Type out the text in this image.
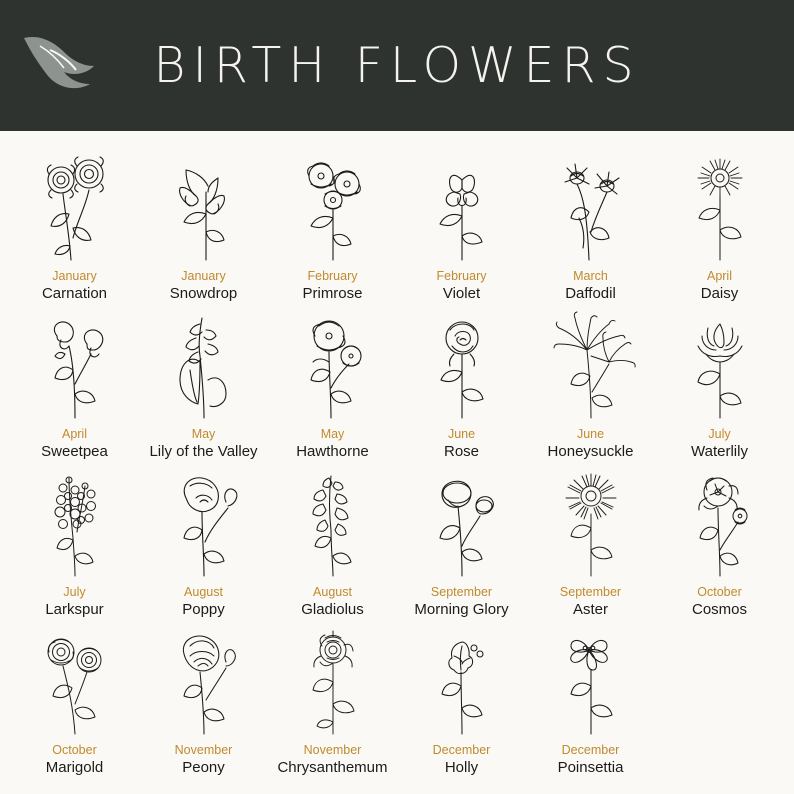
BIRTH FLOWERS
January
Carnation
January
Snowdrop
February
Primrose
February
Violet
March
Daffodil
April
Daisy
April
Sweetpea
May
Lily of the Valley
May
Hawthorne
June
Rose
June
Honeysuckle
July
Waterlily
July
Larkspur
August
Poppy
August
Gladiolus
September
Morning Glory
September
Aster
October
Cosmos
October
Marigold
November
Peony
November
Chrysanthemum
December
Holly
December
Poinsettia
